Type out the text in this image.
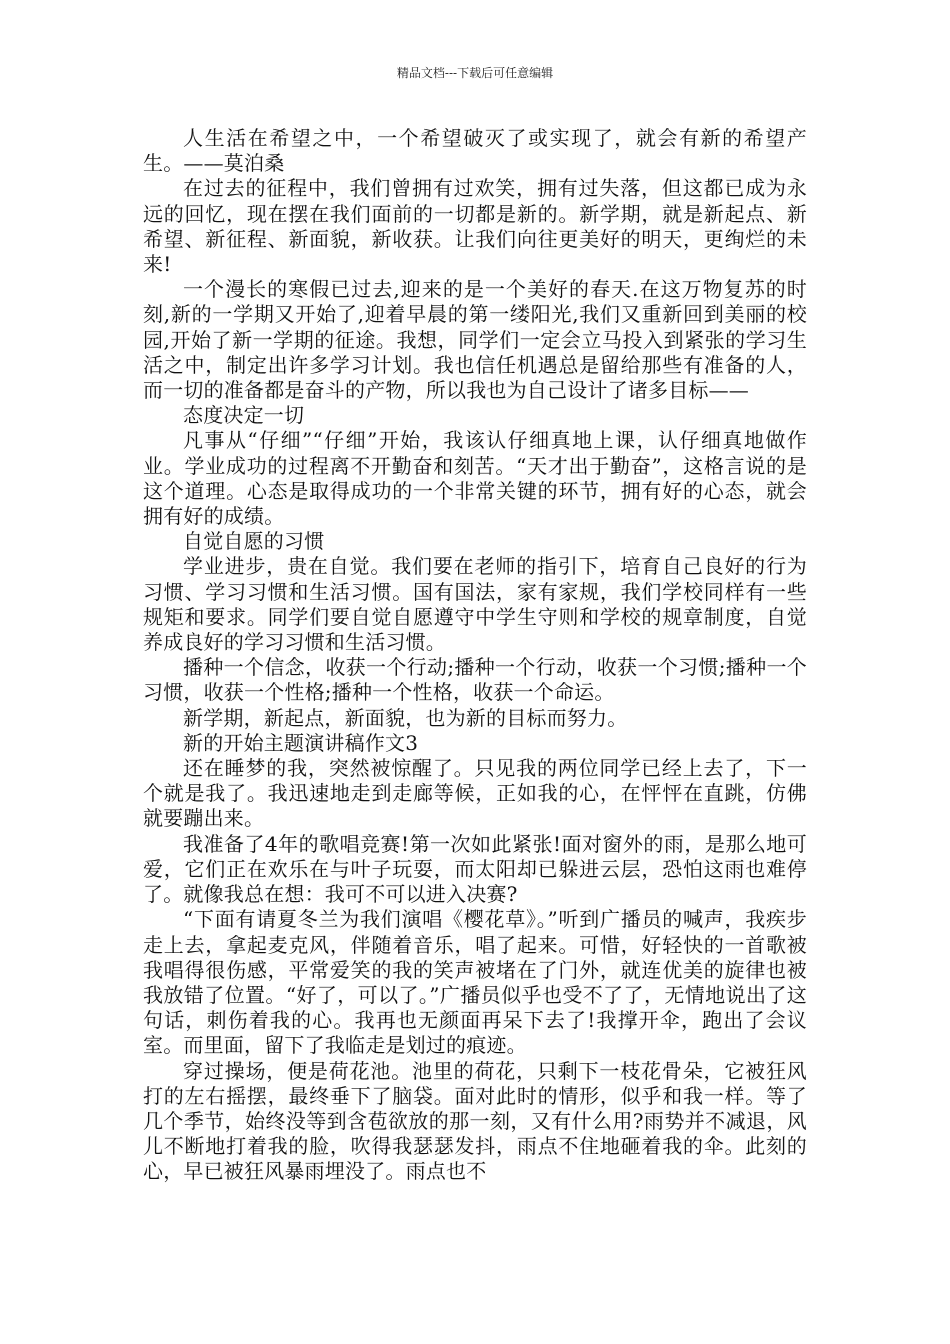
精品文档---下载后可任意编辑

人生活在希望之中，一个希望破灭了或实现了，就会有新的希望产生。——莫泊桑

在过去的征程中，我们曾拥有过欢笑，拥有过失落，但这都已成为永远的回忆，现在摆在我们面前的一切都是新的。新学期，就是新起点、新希望、新征程、新面貌，新收获。让我们向往更美好的明天，更绚烂的未来!

一个漫长的寒假已过去,迎来的是一个美好的春天.在这万物复苏的时刻,新的一学期又开始了,迎着早晨的第一缕阳光,我们又重新回到美丽的校园,开始了新一学期的征途。我想，同学们一定会立马投入到紧张的学习生活之中，制定出许多学习计划。我也信任机遇总是留给那些有准备的人，而一切的准备都是奋斗的产物，所以我也为自己设计了诸多目标——

态度决定一切

凡事从“仔细”“仔细”开始，我该认仔细真地上课，认仔细真地做作业。学业成功的过程离不开勤奋和刻苦。“天才出于勤奋”，这格言说的是这个道理。心态是取得成功的一个非常关键的环节，拥有好的心态，就会拥有好的成绩。

自觉自愿的习惯

学业进步，贵在自觉。我们要在老师的指引下，培育自己良好的行为习惯、学习习惯和生活习惯。国有国法，家有家规，我们学校同样有一些规矩和要求。同学们要自觉自愿遵守中学生守则和学校的规章制度，自觉养成良好的学习习惯和生活习惯。

播种一个信念，收获一个行动;播种一个行动，收获一个习惯;播种一个习惯，收获一个性格;播种一个性格，收获一个命运。

新学期，新起点，新面貌，也为新的目标而努力。

新的开始主题演讲稿作文3

还在睡梦的我，突然被惊醒了。只见我的两位同学已经上去了，下一个就是我了。我迅速地走到走廊等候，正如我的心，在怦怦在直跳，仿佛就要蹦出来。

我准备了4年的歌唱竞赛!第一次如此紧张!面对窗外的雨，是那么地可爱，它们正在欢乐在与叶子玩耍，而太阳却已躲进云层，恐怕这雨也难停了。就像我总在想：我可不可以进入决赛?

“下面有请夏冬兰为我们演唱《樱花草》。”听到广播员的喊声，我疾步走上去，拿起麦克风，伴随着音乐，唱了起来。可惜，好轻快的一首歌被我唱得很伤感，平常爱笑的我的笑声被堵在了门外，就连优美的旋律也被我放错了位置。“好了，可以了。”广播员似乎也受不了了，无情地说出了这句话，刺伤着我的心。我再也无颜面再呆下去了!我撑开伞，跑出了会议室。而里面，留下了我临走是划过的痕迹。

穿过操场，便是荷花池。池里的荷花，只剩下一枝花骨朵，它被狂风打的左右摇摆，最终垂下了脑袋。面对此时的情形，似乎和我一样。等了几个季节，始终没等到含苞欲放的那一刻，又有什么用?雨势并不减退，风儿不断地打着我的脸，吹得我瑟瑟发抖，雨点不住地砸着我的伞。此刻的心，早已被狂风暴雨埋没了。雨点也不
